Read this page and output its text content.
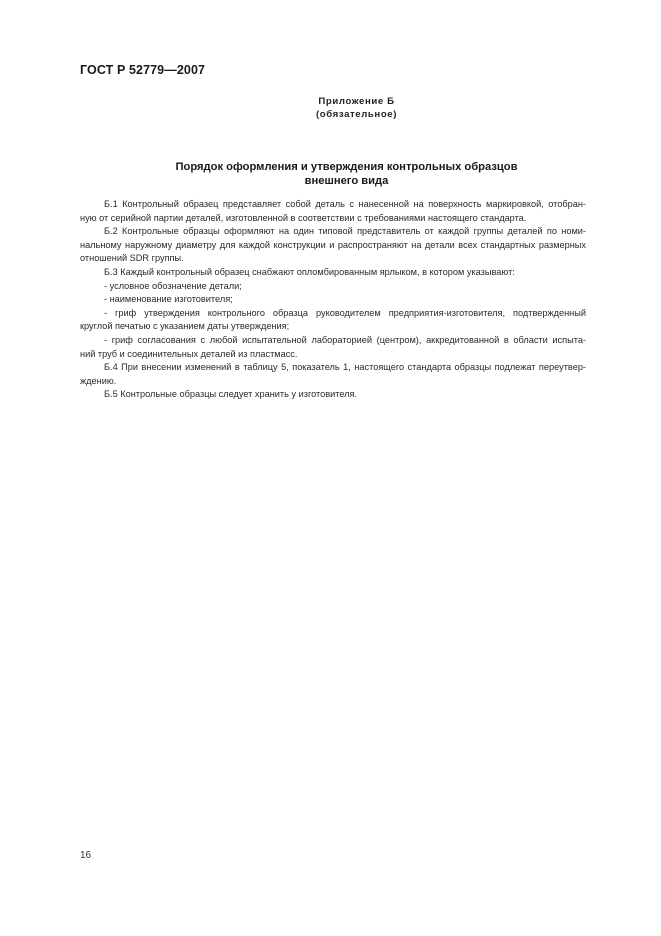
ГОСТ Р 52779—2007
Приложение Б
(обязательное)
Порядок оформления и утверждения контрольных образцов
внешнего вида
Б.1 Контрольный образец представляет собой деталь с нанесенной на поверхность маркировкой, отобран-
ную от серийной партии деталей, изготовленной в соответствии с требованиями настоящего стандарта.
Б.2 Контрольные образцы оформляют на один типовой представитель от каждой группы деталей по номи-
нальному наружному диаметру для каждой конструкции и распространяют на детали всех стандартных размерных
отношений SDR группы.
Б.3 Каждый контрольный образец снабжают опломбированным ярлыком, в котором указывают:
- условное обозначение детали;
- наименование изготовителя;
- гриф утверждения контрольного образца руководителем предприятия-изготовителя, подтвержденный
круглой печатью с указанием даты утверждения;
- гриф согласования с любой испытательной лабораторией (центром), аккредитованной в области испыта-
ний труб и соединительных деталей из пластмасс.
Б.4 При внесении изменений в таблицу 5, показатель 1, настоящего стандарта образцы подлежат переутвер-
ждению.
Б.5 Контрольные образцы следует хранить у изготовителя.
16
